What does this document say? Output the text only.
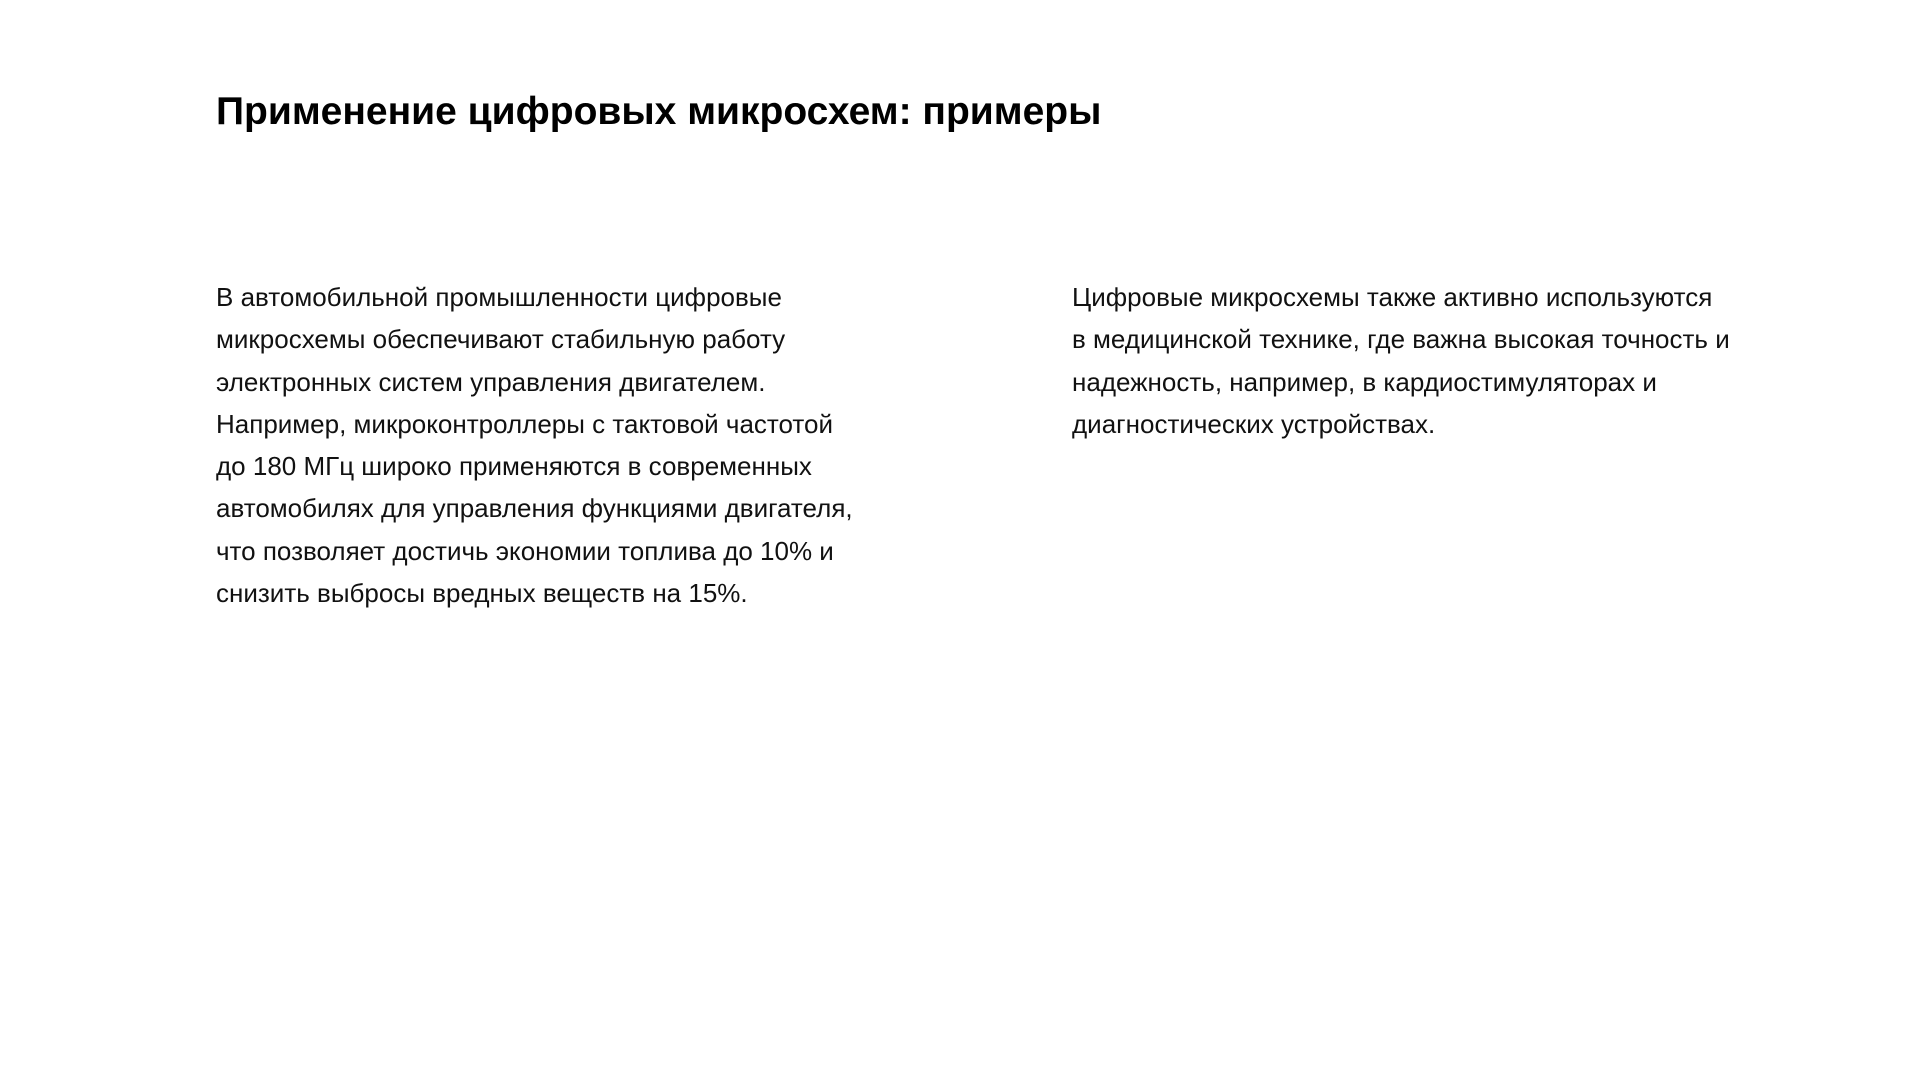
Применение цифровых микросхем: примеры

В автомобильной промышленности цифровые микросхемы обеспечивают стабильную работу электронных систем управления двигателем. Например, микроконтроллеры с тактовой частотой до 180 МГц широко применяются в современных автомобилях для управления функциями двигателя, что позволяет достичь экономии топлива до 10% и снизить выбросы вредных веществ на 15%.

Цифровые микросхемы также активно используются в медицинской технике, где важна высокая точность и надежность, например, в кардиостимуляторах и диагностических устройствах.
